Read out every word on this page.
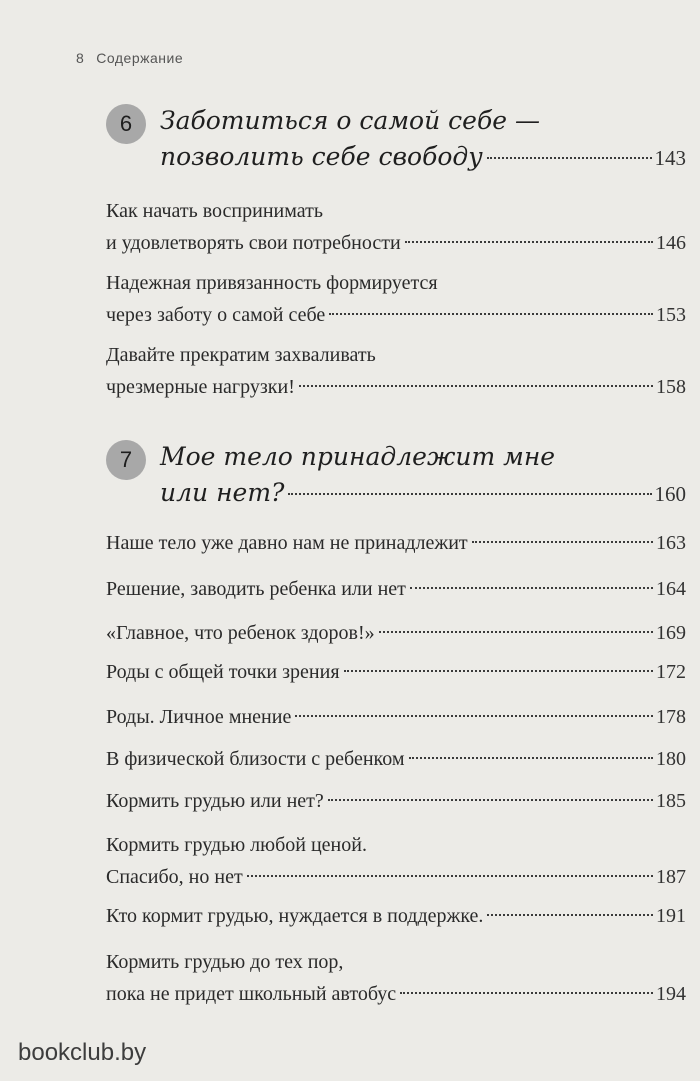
8 Содержание
6	Заботиться о самой себе —
позволить себе свободу	143
Как начать воспринимать
и удовлетворять свои потребности	146
Надежная привязанность формируется
через заботу о самой себе	153
Давайте прекратим захваливать
чрезмерные нагрузки!	158
7	Мое тело принадлежит мне
или нет?	160
Наше тело уже давно нам не принадлежит	163
Решение, заводить ребенка или нет	164
«Главное, что ребенок здоров!»	169
Роды с общей точки зрения	172
Роды. Личное мнение	178
В физической близости с ребенком	180
Кормить грудью или нет?	185
Кормить грудью любой ценой.
Спасибо, но нет	187
Кто кормит грудью, нуждается в поддержке.	191
Кормить грудью до тех пор,
пока не придет школьный автобус	194
bookclub.by
